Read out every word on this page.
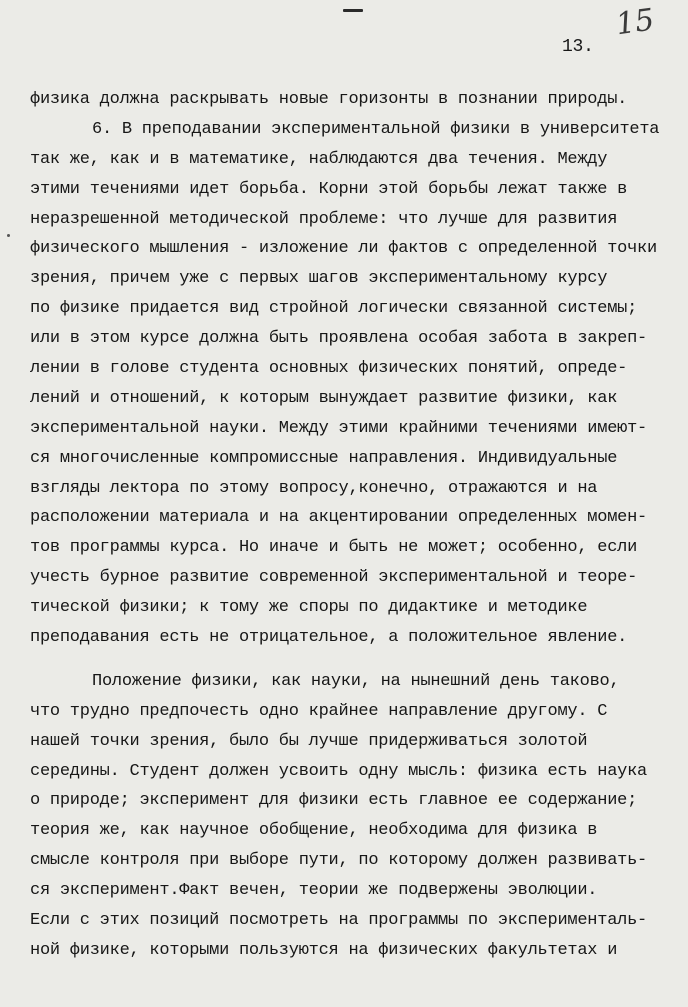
15
13.
физика должна раскрывать новые горизонты в познании природы.
6. В преподавании экспериментальной физики в университета
так же, как и в математике, наблюдаются два течения. Между
этими течениями идет борьба. Корни этой борьбы лежат также в
неразрешенной методической проблеме: что лучше для развития
физического мышления - изложение ли фактов с определенной точки
зрения, причем уже с первых шагов экспериментальному курсу
по физике придается вид стройной логически связанной системы;
или в этом курсе должна быть проявлена особая забота в закреп-
лении в голове студента основных физических понятий, опреде-
лений и отношений, к которым вынуждает развитие физики, как
экспериментальной науки. Между этими крайними течениями имеют-
ся многочисленные компромиссные направления. Индивидуальные
взгляды лектора по этому вопросу,конечно, отражаются и на
расположении материала и на акцентировании определенных момен-
тов программы курса. Но иначе и быть не может; особенно, если
учесть бурное развитие современной экспериментальной и теоре-
тической физики; к тому же споры по дидактике и методике
преподавания есть не отрицательное, а положительное явление.
Положение физики, как науки, на нынешний день таково,
что трудно предпочесть одно крайнее направление другому. С
нашей точки зрения, было бы лучше придерживаться золотой
середины. Студент должен усвоить одну мысль: физика есть наука
о природе; эксперимент для физики есть главное ее содержание;
теория же, как научное обобщение, необходима для физика в
смысле контроля при выборе пути, по которому должен развивать-
ся эксперимент.Факт вечен, теории же подвержены эволюции.
Если с этих позиций посмотреть на программы по эксперименталь-
ной физике, которыми пользуются на физических факультетах и
